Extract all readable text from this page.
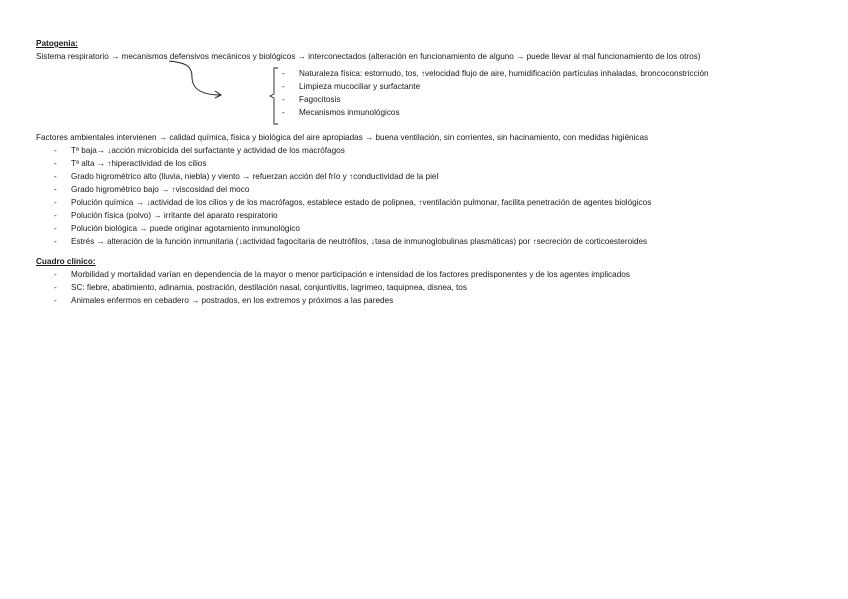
Patogenia:
Sistema respiratorio → mecanismos defensivos mecánicos y biológicos → interconectados (alteración en funcionamiento de alguno → puede llevar al mal funcionamiento de los otros)
-	Naturaleza física: estornudo, tos, ↑velocidad flujo de aire, humidificación partículas inhaladas, broncoconstricción
-	Limpieza mucociliar y surfactante
-	Fagocitosis
-	Mecanismos inmunológicos
Factores ambientales intervienen → calidad química, física y biológica del aire apropiadas → buena ventilación, sin corrientes, sin hacinamiento, con medidas higiénicas
-	Tª baja→ ↓acción microbicida del surfactante y actividad de los macrófagos
-	Tª alta → ↑hiperactividad de los cilios
-	Grado higrométrico alto (lluvia, niebla) y viento → refuerzan acción del frío y ↑conductividad de la piel
-	Grado higrométrico bajo → ↑viscosidad del moco
-	Polución química → ↓actividad de los cilios y de los macrófagos, establece estado de polipnea, ↑ventilación pulmonar, facilita penetración de agentes biológicos
-	Polución física (polvo) → irritante del aparato respiratorio
-	Polución biológica → puede originar agotamiento inmunológico
-	Estrés → alteración de la función inmunitaria (↓actividad fagocitaria de neutrófilos, ↓tasa de inmunoglobulinas plasmáticas) por ↑secreción de corticoesteroides
Cuadro clínico:
-	Morbilidad y mortalidad varían en dependencia de la mayor o menor participación e intensidad de los factores predisponentes y de los agentes implicados
-	SC: fiebre, abatimiento, adinamia, postración, destilación nasal, conjuntivitis, lagrimeo, taquipnea, disnea, tos
-	Animales enfermos en cebadero → postrados, en los extremos y próximos a las paredes
